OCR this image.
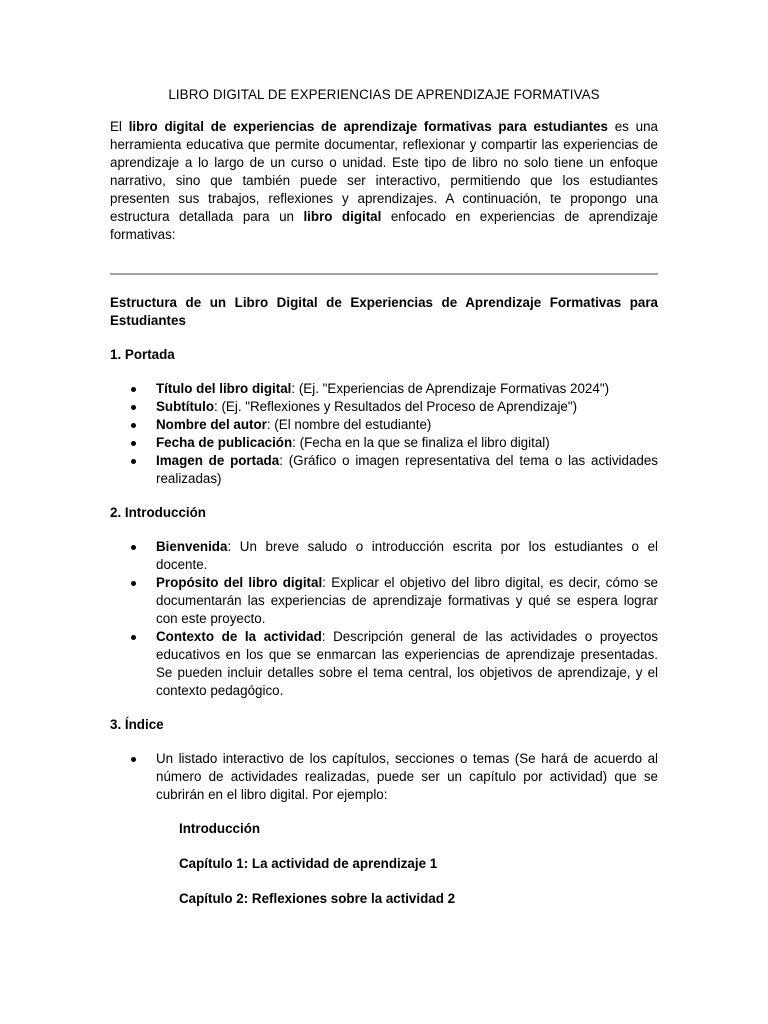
LIBRO DIGITAL DE EXPERIENCIAS DE APRENDIZAJE FORMATIVAS

El libro digital de experiencias de aprendizaje formativas para estudiantes es una herramienta educativa que permite documentar, reflexionar y compartir las experiencias de aprendizaje a lo largo de un curso o unidad. Este tipo de libro no solo tiene un enfoque narrativo, sino que también puede ser interactivo, permitiendo que los estudiantes presenten sus trabajos, reflexiones y aprendizajes. A continuación, te propongo una estructura detallada para un libro digital enfocado en experiencias de aprendizaje formativas:

Estructura de un Libro Digital de Experiencias de Aprendizaje Formativas para Estudiantes

1. Portada

Título del libro digital: (Ej. "Experiencias de Aprendizaje Formativas 2024")
Subtítulo: (Ej. "Reflexiones y Resultados del Proceso de Aprendizaje")
Nombre del autor: (El nombre del estudiante)
Fecha de publicación: (Fecha en la que se finaliza el libro digital)
Imagen de portada: (Gráfico o imagen representativa del tema o las actividades realizadas)

2. Introducción

Bienvenida: Un breve saludo o introducción escrita por los estudiantes o el docente.
Propósito del libro digital: Explicar el objetivo del libro digital, es decir, cómo se documentarán las experiencias de aprendizaje formativas y qué se espera lograr con este proyecto.
Contexto de la actividad: Descripción general de las actividades o proyectos educativos en los que se enmarcan las experiencias de aprendizaje presentadas. Se pueden incluir detalles sobre el tema central, los objetivos de aprendizaje, y el contexto pedagógico.

3. Índice

Un listado interactivo de los capítulos, secciones o temas (Se hará de acuerdo al número de actividades realizadas, puede ser un capítulo por actividad) que se cubrirán en el libro digital. Por ejemplo:

Introducción

Capítulo 1: La actividad de aprendizaje 1

Capítulo 2: Reflexiones sobre la actividad 2
